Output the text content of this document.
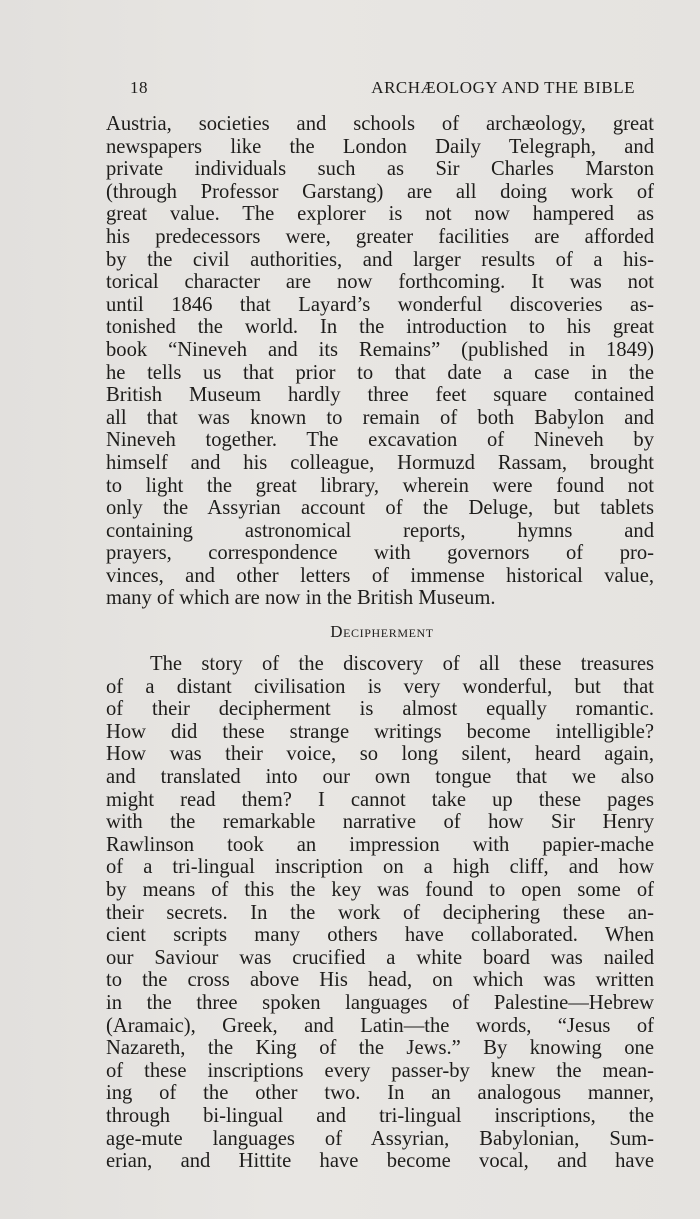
18	ARCHÆOLOGY AND THE BIBLE

Austria, societies and schools of archæology, great

newspapers like the London Daily Telegraph, and

private individuals such as Sir Charles Marston

(through Professor Garstang) are all doing work of

great value. The explorer is not now hampered as

his predecessors were, greater facilities are afforded

by the civil authorities, and larger results of a his-

torical character are now forthcoming. It was not

until 1846 that Layard’s wonderful discoveries as-

tonished the world. In the introduction to his great

book “Nineveh and its Remains” (published in 1849)

he tells us that prior to that date a case in the

British Museum hardly three feet square contained

all that was known to remain of both Babylon and

Nineveh together. The excavation of Nineveh by

himself and his colleague, Hormuzd Rassam, brought

to light the great library, wherein were found not

only the Assyrian account of the Deluge, but tablets

containing astronomical reports, hymns and

prayers, correspondence with governors of pro-

vinces, and other letters of immense historical value,

many of which are now in the British Museum.

Decipherment

The story of the discovery of all these treasures

of a distant civilisation is very wonderful, but that

of their decipherment is almost equally romantic.

How did these strange writings become intelligible?

How was their voice, so long silent, heard again,

and translated into our own tongue that we also

might read them? I cannot take up these pages

with the remarkable narrative of how Sir Henry

Rawlinson took an impression with papier-mache

of a tri-lingual inscription on a high cliff, and how

by means of this the key was found to open some of

their secrets. In the work of deciphering these an-

cient scripts many others have collaborated. When

our Saviour was crucified a white board was nailed

to the cross above His head, on which was written

in the three spoken languages of Palestine—Hebrew

(Aramaic), Greek, and Latin—the words, “Jesus of

Nazareth, the King of the Jews.” By knowing one

of these inscriptions every passer-by knew the mean-

ing of the other two. In an analogous manner,

through bi-lingual and tri-lingual inscriptions, the

age-mute languages of Assyrian, Babylonian, Sum-

erian, and Hittite have become vocal, and have
